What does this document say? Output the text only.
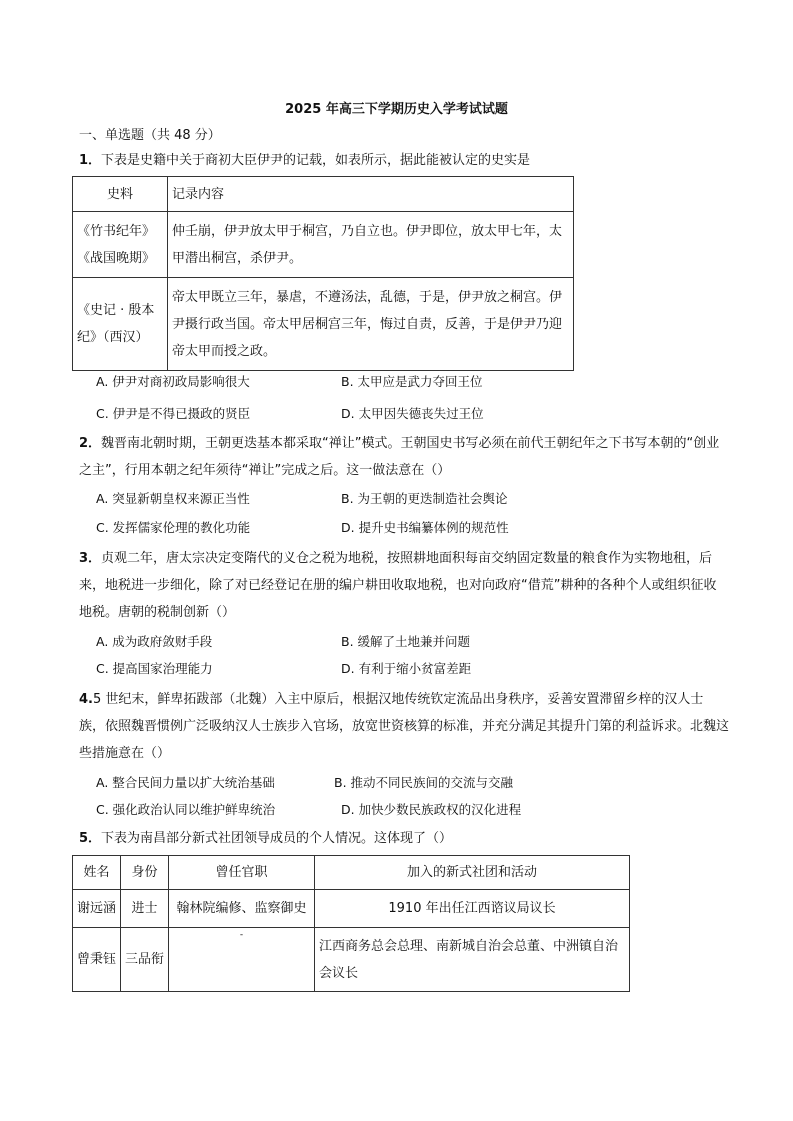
2025 年高三下学期历史入学考试试题
一、单选题（共 48 分）
1．下表是史籍中关于商初大臣伊尹的记载，如表所示，据此能被认定的史实是
史料	记录内容
《竹书纪年》《战国晚期》	仲壬崩，伊尹放太甲于桐宫，乃自立也。伊尹即位，放太甲七年，太甲潜出桐宫，杀伊尹。
《史记 · 殷本纪》（西汉）	帝太甲既立三年，暴虐，不遵汤法，乱德，于是，伊尹放之桐宫。伊尹摄行政当国。帝太甲居桐宫三年，悔过自责，反善，于是伊尹乃迎帝太甲而授之政。
A. 伊尹对商初政局影响很大	B. 太甲应是武力夺回王位
C. 伊尹是不得已摄政的贤臣	D. 太甲因失德丧失过王位
2．魏晋南北朝时期，王朝更迭基本都采取“禅让”模式。王朝国史书写必须在前代王朝纪年之下书写本朝的“创业之主”，行用本朝之纪年须待“禅让”完成之后。这一做法意在（）
A. 突显新朝皇权来源正当性	B. 为王朝的更迭制造社会舆论
C. 发挥儒家伦理的教化功能	D. 提升史书编纂体例的规范性
3．贞观二年，唐太宗决定变隋代的义仓之税为地税，按照耕地面积每亩交纳固定数量的粮食作为实物地租，后来，地税进一步细化，除了对已经登记在册的编户耕田收取地税，也对向政府“借荒”耕种的各种个人或组织征收地税。唐朝的税制创新（）
A. 成为政府敛财手段	B. 缓解了土地兼并问题
C. 提高国家治理能力	D. 有利于缩小贫富差距
4.5 世纪末，鲜卑拓跋部（北魏）入主中原后，根据汉地传统钦定流品出身秩序，妥善安置滞留乡梓的汉人士族，依照魏晋惯例广泛吸纳汉人士族步入官场，放宽世资核算的标准，并充分满足其提升门第的利益诉求。北魏这些措施意在（）
A. 整合民间力量以扩大统治基础	B. 推动不同民族间的交流与交融
C. 强化政治认同以维护鲜卑统治	D. 加快少数民族政权的汉化进程
5．下表为南昌部分新式社团领导成员的个人情况。这体现了（）
姓名	身份	曾任官职	加入的新式社团和活动
谢远涵	进士	翰林院编修、监察御史	1910 年出任江西谘议局议长
曾秉钰	三品衔	-	江西商务总会总理、南新城自治会总董、中洲镇自治会议长
